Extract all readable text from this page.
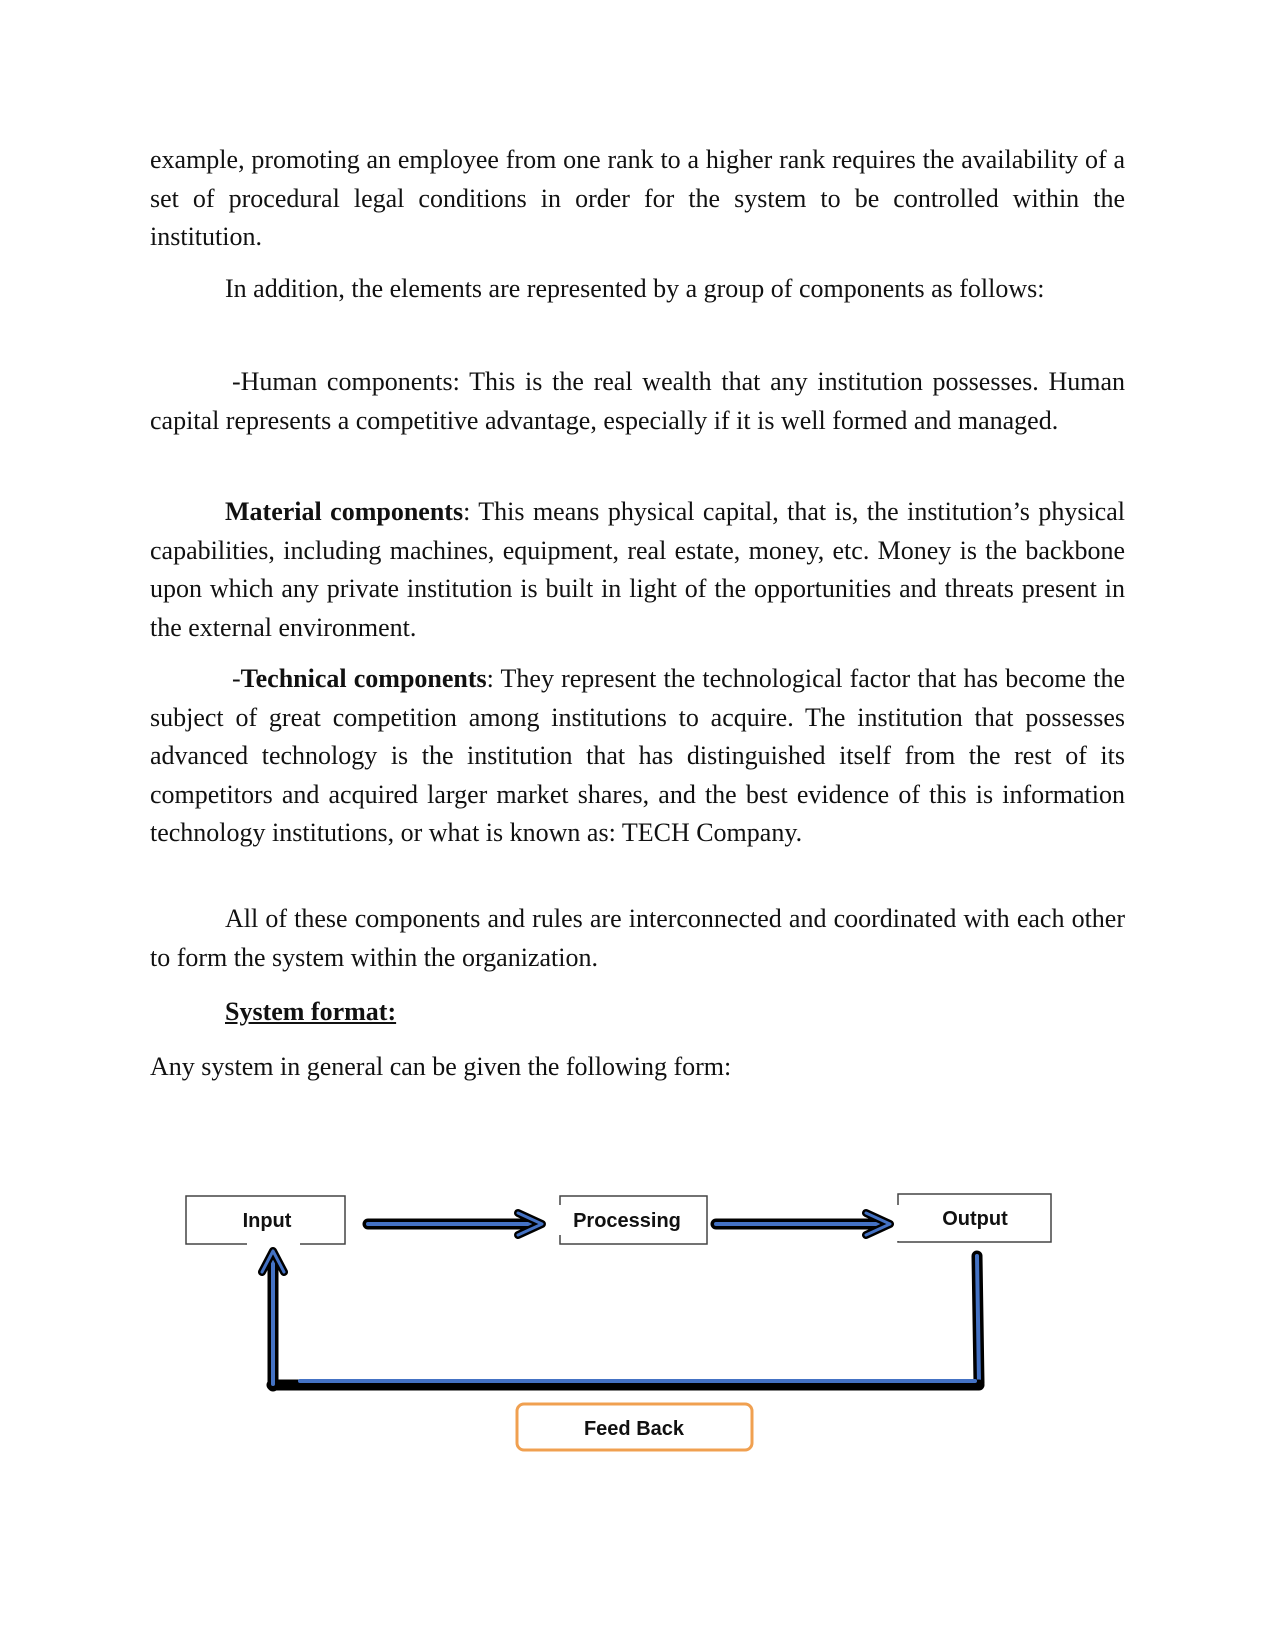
example, promoting an employee from one rank to a higher rank requires the availability of a set of procedural legal conditions in order for the system to be controlled within the institution.

In addition, the elements are represented by a group of components as follows:

-Human components: This is the real wealth that any institution possesses. Human capital represents a competitive advantage, especially if it is well formed and managed.

Material components: This means physical capital, that is, the institution’s physical capabilities, including machines, equipment, real estate, money, etc. Money is the backbone upon which any private institution is built in light of the opportunities and threats present in the external environment.

-Technical components: They represent the technological factor that has become the subject of great competition among institutions to acquire. The institution that possesses advanced technology is the institution that has distinguished itself from the rest of its competitors and acquired larger market shares, and the best evidence of this is information technology institutions, or what is known as: TECH Company.

All of these components and rules are interconnected and coordinated with each other to form the system within the organization.

System format:

Any system in general can be given the following form:

Input	Processing	Output
Feed Back
